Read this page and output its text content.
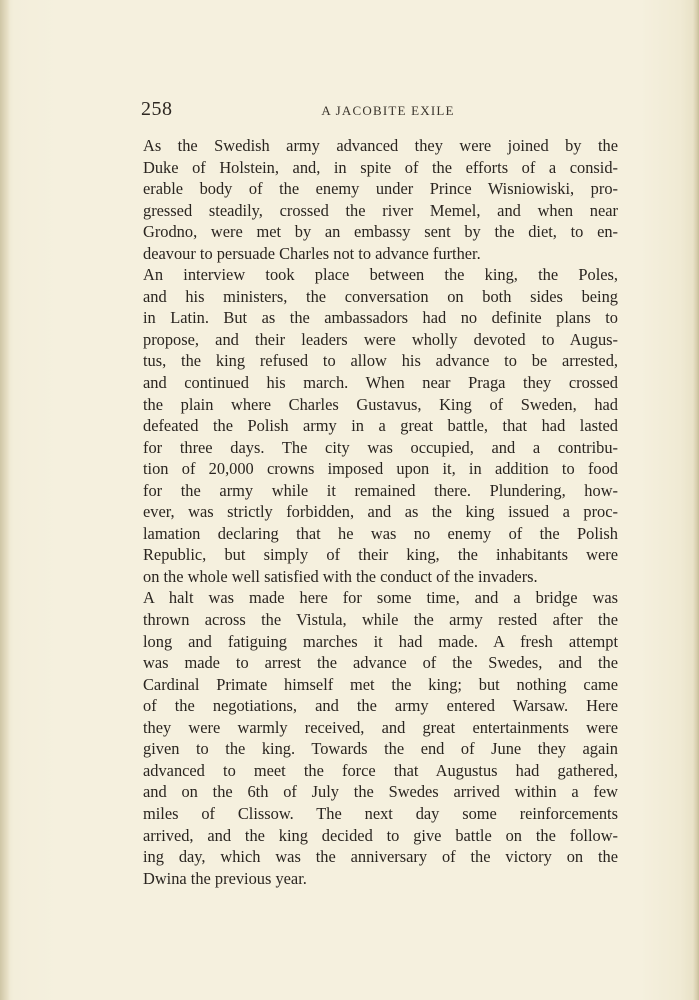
258	A JACOBITE EXILE
As the Swedish army advanced they were joined by the
Duke of Holstein, and, in spite of the efforts of a consid-
erable body of the enemy under Prince Wisniowiski, pro-
gressed steadily, crossed the river Memel, and when near
Grodno, were met by an embassy sent by the diet, to en-
deavour to persuade Charles not to advance further.
An interview took place between the king, the Poles,
and his ministers, the conversation on both sides being
in Latin. But as the ambassadors had no definite plans to
propose, and their leaders were wholly devoted to Augus-
tus, the king refused to allow his advance to be arrested,
and continued his march. When near Praga they crossed
the plain where Charles Gustavus, King of Sweden, had
defeated the Polish army in a great battle, that had lasted
for three days. The city was occupied, and a contribu-
tion of 20,000 crowns imposed upon it, in addition to food
for the army while it remained there. Plundering, how-
ever, was strictly forbidden, and as the king issued a proc-
lamation declaring that he was no enemy of the Polish
Republic, but simply of their king, the inhabitants were
on the whole well satisfied with the conduct of the invaders.
A halt was made here for some time, and a bridge was
thrown across the Vistula, while the army rested after the
long and fatiguing marches it had made. A fresh attempt
was made to arrest the advance of the Swedes, and the
Cardinal Primate himself met the king; but nothing came
of the negotiations, and the army entered Warsaw. Here
they were warmly received, and great entertainments were
given to the king. Towards the end of June they again
advanced to meet the force that Augustus had gathered,
and on the 6th of July the Swedes arrived within a few
miles of Clissow. The next day some reinforcements
arrived, and the king decided to give battle on the follow-
ing day, which was the anniversary of the victory on the
Dwina the previous year.
